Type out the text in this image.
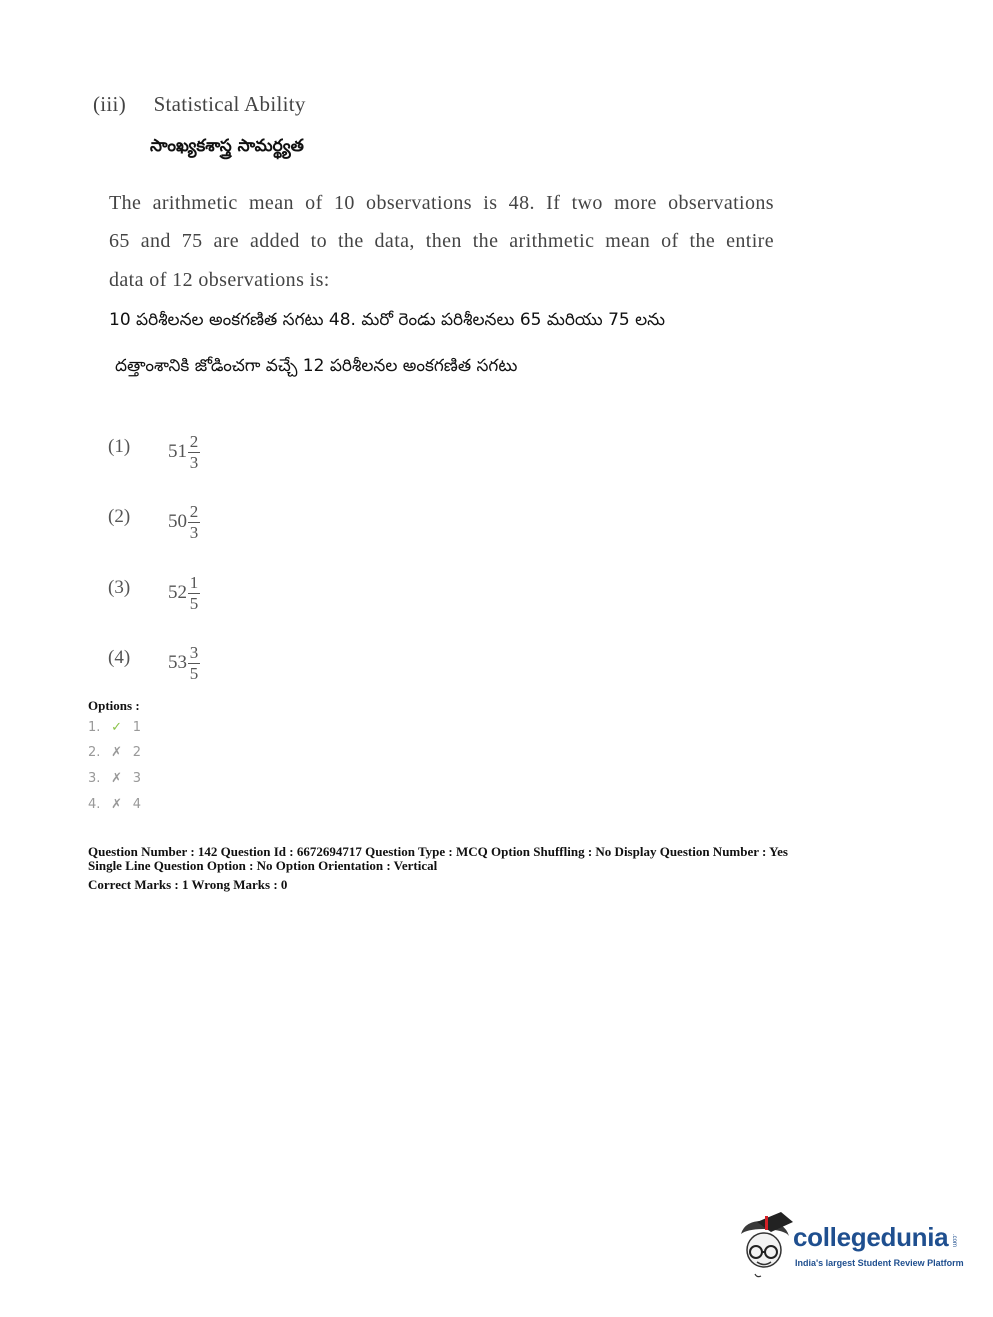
(iii) Statistical Ability
సాంఖ్యకశాస్త్ర సామర్థ్యత
The arithmetic mean of 10 observations is 48. If two more observations
65 and 75 are added to the data, then the arithmetic mean of the entire
data of 12 observations is:
10 పరిశీలనల అంకగణిత సగటు 48. మరో రెండు పరిశీలనలు 65 మరియు 75 లను
దత్తాంశానికి జోడించగా వచ్చే 12 పరిశీలనల అంకగణిత సగటు
(1) $51 \frac{2}{3}$
(2) $50 \frac{2}{3}$
(3) $52 \frac{1}{5}$
(4) $53 \frac{3}{5}$
Options :
1. ✓ 1
2. ✗ 2
3. ✗ 3
4. ✗ 4
Question Number : 142 Question Id : 6672694717 Question Type : MCQ Option Shuffling : No Display Question Number : Yes
Single Line Question Option : No Option Orientation : Vertical
Correct Marks : 1 Wrong Marks : 0
collegedunia .com
India's largest Student Review Platform
